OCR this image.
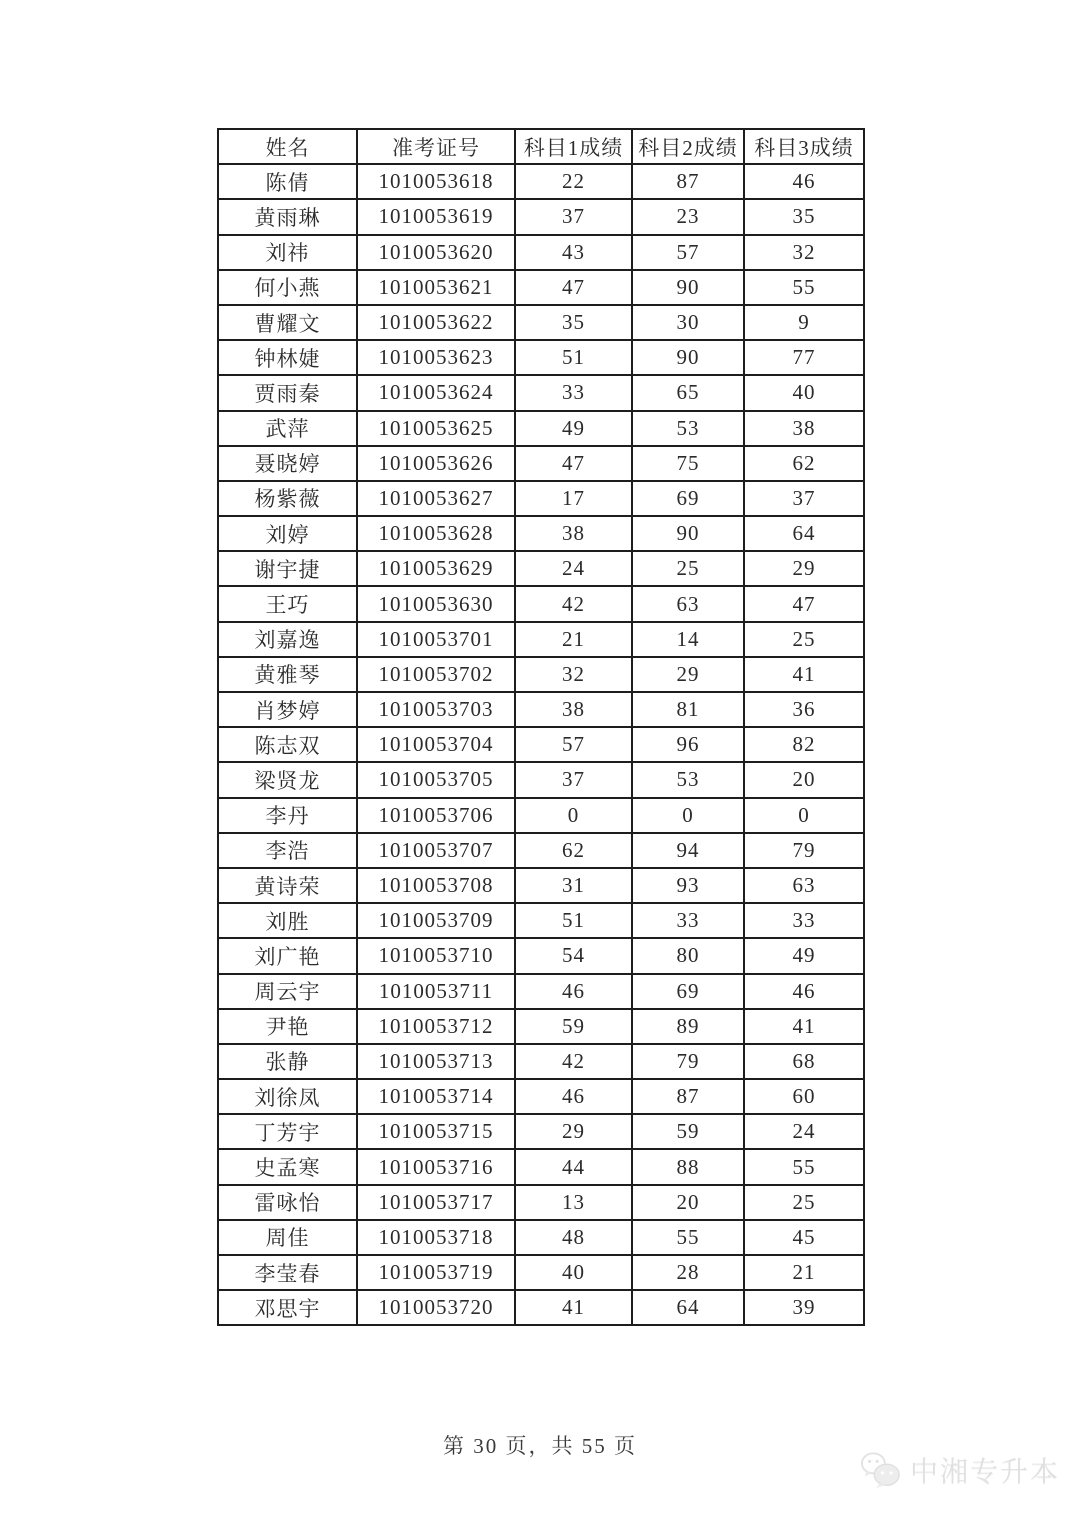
姓名	准考证号	科目1成绩	科目2成绩	科目3成绩
陈倩	1010053618	22	87	46
黄雨琳	1010053619	37	23	35
刘祎	1010053620	43	57	32
何小燕	1010053621	47	90	55
曹耀文	1010053622	35	30	9
钟林婕	1010053623	51	90	77
贾雨秦	1010053624	33	65	40
武萍	1010053625	49	53	38
聂晓婷	1010053626	47	75	62
杨紫薇	1010053627	17	69	37
刘婷	1010053628	38	90	64
谢宇捷	1010053629	24	25	29
王巧	1010053630	42	63	47
刘嘉逸	1010053701	21	14	25
黄雅琴	1010053702	32	29	41
肖梦婷	1010053703	38	81	36
陈志双	1010053704	57	96	82
梁贤龙	1010053705	37	53	20
李丹	1010053706	0	0	0
李浩	1010053707	62	94	79
黄诗荣	1010053708	31	93	63
刘胜	1010053709	51	33	33
刘广艳	1010053710	54	80	49
周云宇	1010053711	46	69	46
尹艳	1010053712	59	89	41
张静	1010053713	42	79	68
刘徐凤	1010053714	46	87	60
丁芳宇	1010053715	29	59	24
史孟寒	1010053716	44	88	55
雷咏怡	1010053717	13	20	25
周佳	1010053718	48	55	45
李莹春	1010053719	40	28	21
邓思宇	1010053720	41	64	39
第 30 页，共 55 页
中湘专升本
